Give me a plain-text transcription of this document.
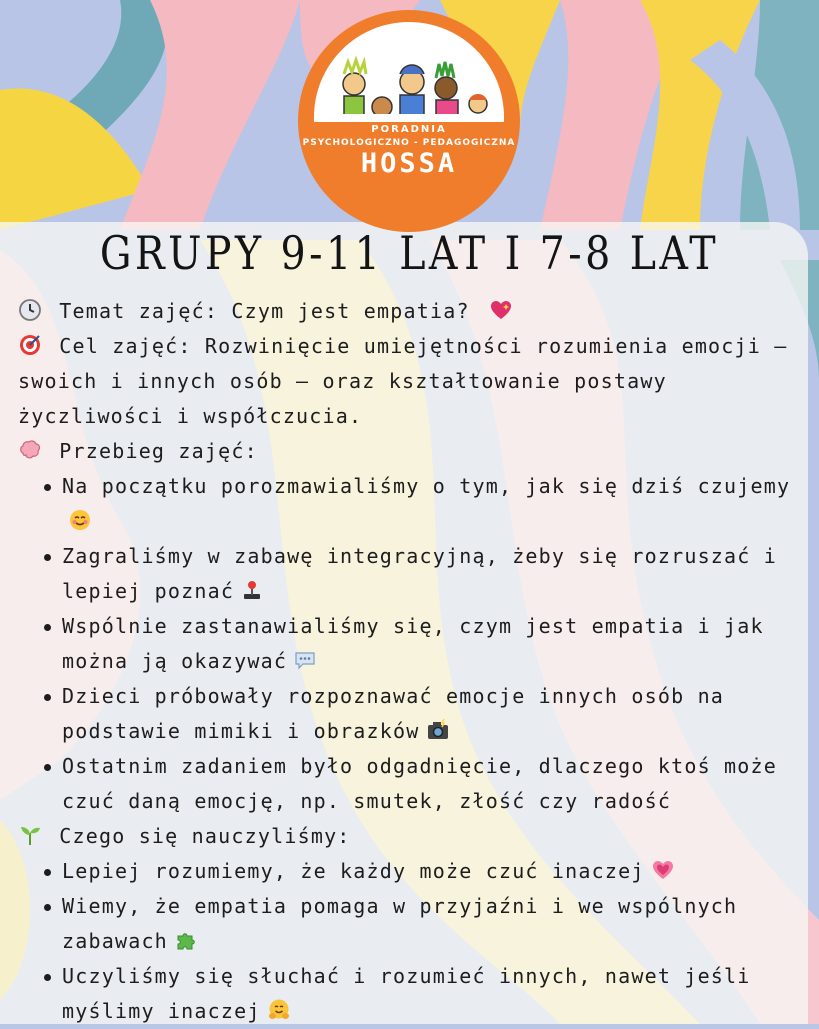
PORADNIA
PSYCHOLOGICZNO - PEDAGOGICZNA
HOSSA
GRUPY 9-11 LAT I 7-8 LAT

Temat zajęć: Czym jest empatia?

Cel zajęć: Rozwinięcie umiejętności rozumienia emocji – swoich i innych osób – oraz kształtowanie postawy życzliwości i współczucia.

Przebieg zajęć:

Na początku porozmawialiśmy o tym, jak się dziś czujemy
Zagraliśmy w zabawę integracyjną, żeby się rozruszać i lepiej poznać
Wspólnie zastanawialiśmy się, czym jest empatia i jak można ją okazywać
Dzieci próbowały rozpoznawać emocje innych osób na podstawie mimiki i obrazków
Ostatnim zadaniem było odgadnięcie, dlaczego ktoś może czuć daną emocję, np. smutek, złość czy radość

Czego się nauczyliśmy:

Lepiej rozumiemy, że każdy może czuć inaczej
Wiemy, że empatia pomaga w przyjaźni i we wspólnych zabawach
Uczyliśmy się słuchać i rozumieć innych, nawet jeśli myślimy inaczej
